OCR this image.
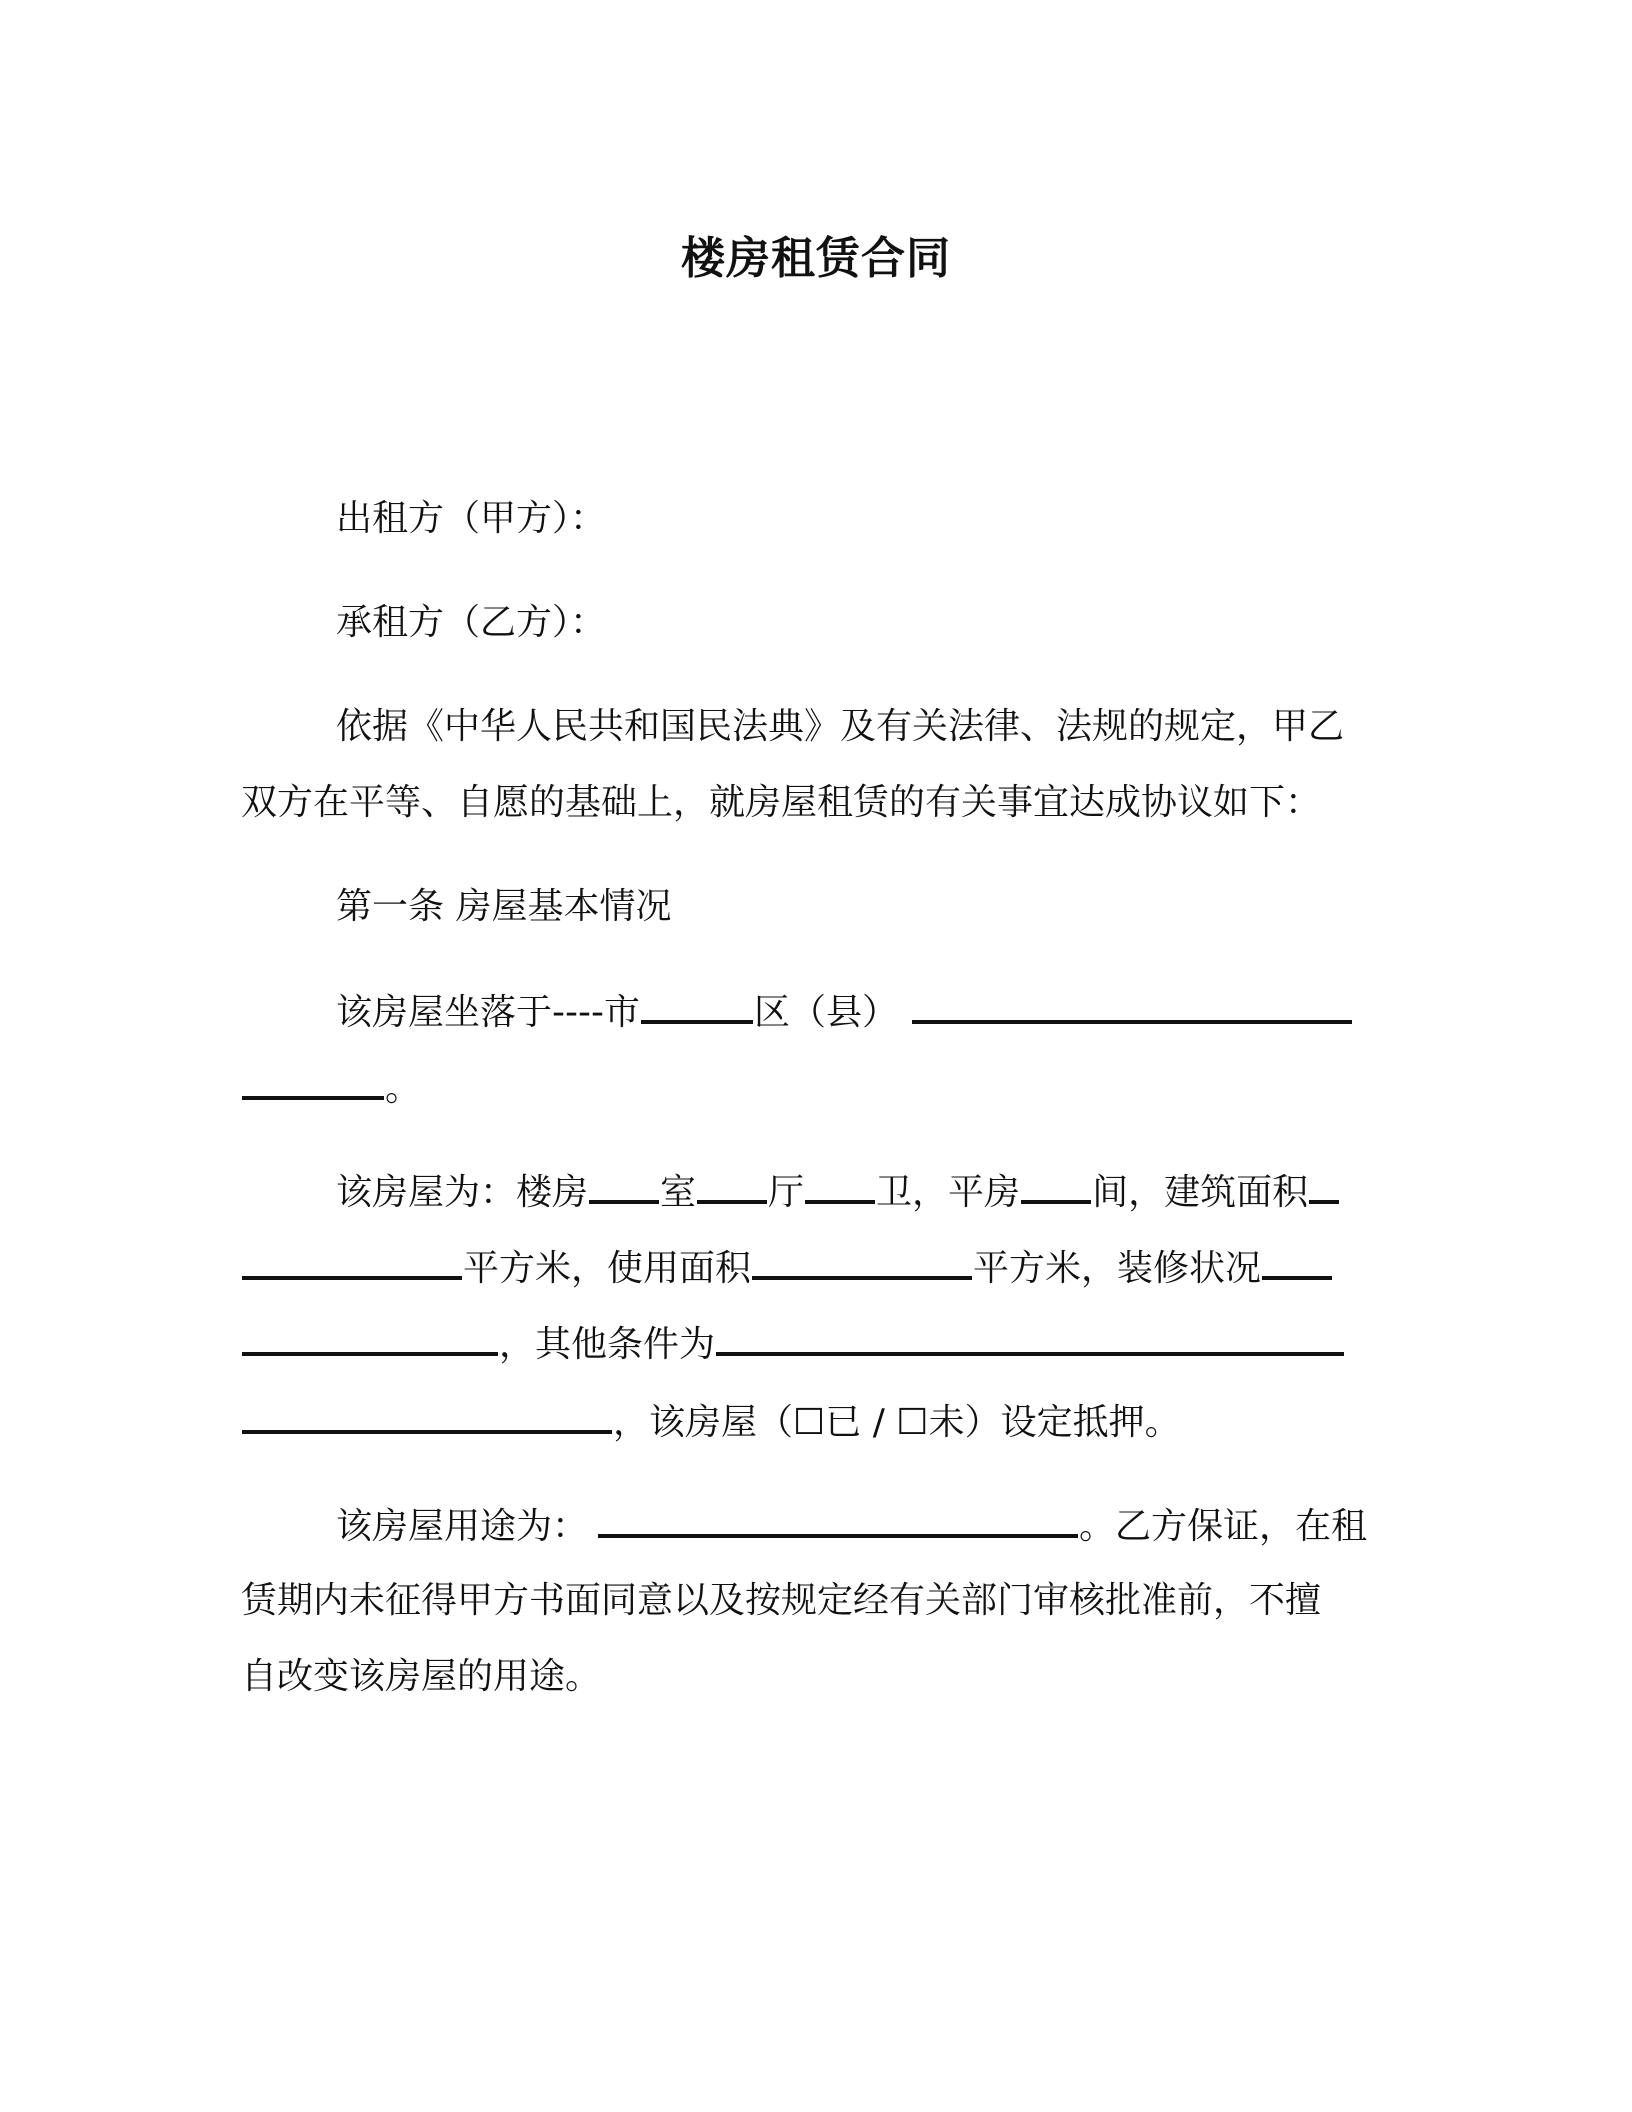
楼房租赁合同
出租方（甲方）：
承租方（乙方）：
依据《中华人民共和国民法典》及有关法律、法规的规定，甲乙
双方在平等、自愿的基础上，就房屋租赁的有关事宜达成协议如下：
第一条 房屋基本情况
该房屋坐落于----市	区（县）
。
该房屋为：楼房 室 厅 卫，平房 间，建筑面积
平方米，使用面积	平方米，装修状况
，其他条件为
，该房屋（☐已 / ☐未）设定抵押。
该房屋用途为：	。乙方保证，在租
赁期内未征得甲方书面同意以及按规定经有关部门审核批准前，不擅
自改变该房屋的用途。
